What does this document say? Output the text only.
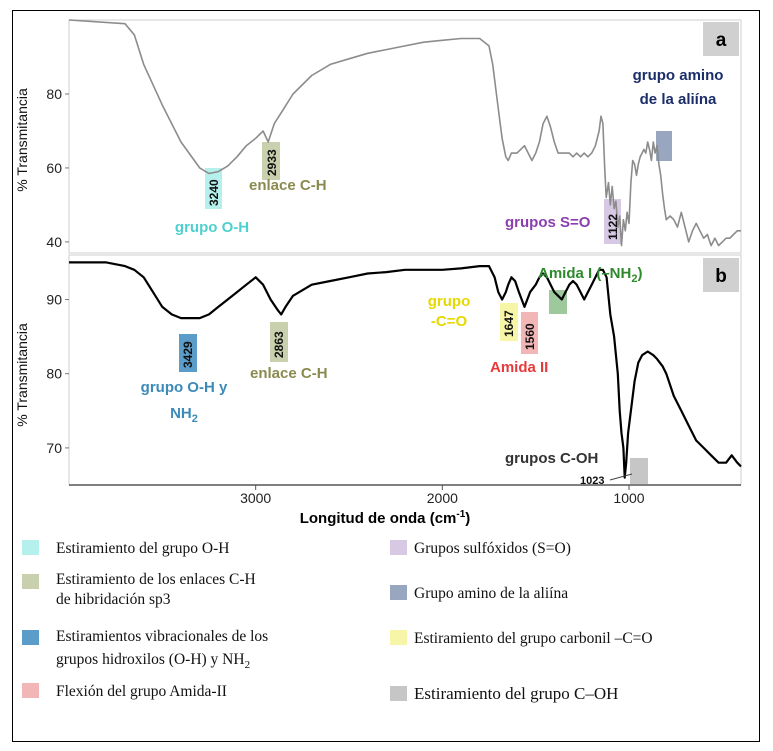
a
b
% Transmitancia
% Transmitancia
Longitud de onda $(cm^{-1})$
40
60
80
70
80
90
3000	2000	1000
3240
2933
1122
grupo O-H
enlace C-H
grupos S=O
grupo amino
de la aliína
3429	2863
1647 1560
1023
grupo O-H y
$NH_2$
enlace C-H
grupo
-C=O
Amida II
Amida I $(-NH_2)$
grupos C-OH
Estiramiento del grupo O-H	Grupos sulfóxidos (S=O)
Estiramiento de los enlaces C-H
de hibridación sp3	Grupo amino de la aliína
Estiramientos vibracionales de los
grupos hidroxilos (O-H) y $NH_2$
Estiramiento del grupo carbonil –C=O
Flexión del grupo Amida-II	Estiramiento del grupo C–OH
